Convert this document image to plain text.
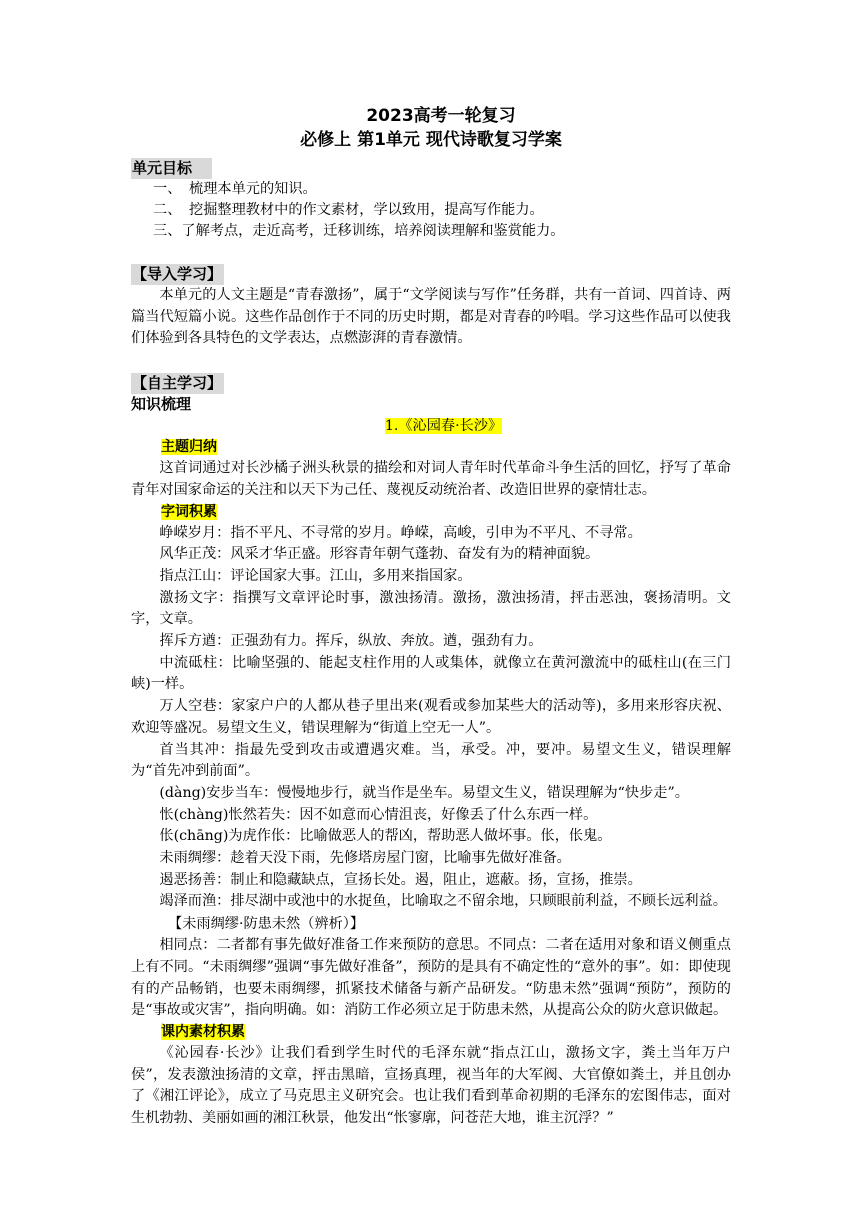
2023高考一轮复习
必修上 第1单元 现代诗歌复习学案
单元目标
一、 梳理本单元的知识。
二、 挖掘整理教材中的作文素材，学以致用，提高写作能力。
三、了解考点，走近高考，迁移训练，培养阅读理解和鉴赏能力。
【导入学习】
本单元的人文主题是“青春激扬”，属于“文学阅读与写作”任务群，共有一首词、四首诗、两篇当代短篇小说。这些作品创作于不同的历史时期，都是对青春的吟唱。学习这些作品可以使我们体验到各具特色的文学表达，点燃澎湃的青春激情。
【自主学习】
知识梳理
1.《沁园春·长沙》
主题归纳
这首词通过对长沙橘子洲头秋景的描绘和对词人青年时代革命斗争生活的回忆，抒写了革命青年对国家命运的关注和以天下为己任、蔑视反动统治者、改造旧世界的豪情壮志。
字词积累
峥嵘岁月：指不平凡、不寻常的岁月。峥嵘，高峻，引申为不平凡、不寻常。
风华正茂：风采才华正盛。形容青年朝气蓬勃、奋发有为的精神面貌。
指点江山：评论国家大事。江山，多用来指国家。
激扬文字：指撰写文章评论时事，激浊扬清。激扬，激浊扬清，抨击恶浊，褒扬清明。文字，文章。
挥斥方遒：正强劲有力。挥斥，纵放、奔放。遒，强劲有力。
中流砥柱：比喻坚强的、能起支柱作用的人或集体，就像立在黄河激流中的砥柱山(在三门峡)一样。
万人空巷：家家户户的人都从巷子里出来(观看或参加某些大的活动等)，多用来形容庆祝、欢迎等盛况。易望文生义，错误理解为“街道上空无一人”。
首当其冲：指最先受到攻击或遭遇灾难。当，承受。冲，要冲。易望文生义，错误理解为“首先冲到前面”。
(dàng)安步当车：慢慢地步行，就当作是坐车。易望文生义，错误理解为“快步走”。
怅(chàng)怅然若失：因不如意而心情沮丧，好像丢了什么东西一样。
伥(chāng)为虎作伥：比喻做恶人的帮凶，帮助恶人做坏事。伥，伥鬼。
未雨绸缪：趁着天没下雨，先修塔房屋门窗，比喻事先做好准备。
遏恶扬善：制止和隐藏缺点，宣扬长处。遏，阻止，遮蔽。扬，宣扬，推崇。
竭泽而渔：排尽湖中或池中的水捉鱼，比喻取之不留余地，只顾眼前利益，不顾长远利益。
【未雨绸缪·防患未然（辨析）】
相同点：二者都有事先做好准备工作来预防的意思。不同点：二者在适用对象和语义侧重点上有不同。“未雨绸缪”强调“事先做好准备”，预防的是具有不确定性的“意外的事”。如：即使现有的产品畅销，也要未雨绸缪，抓紧技术储备与新产品研发。“防患未然”强调“预防”，预防的是“事故或灾害”，指向明确。如：消防工作必须立足于防患未然，从提高公众的防火意识做起。
课内素材积累
《沁园春·长沙》让我们看到学生时代的毛泽东就“指点江山，激扬文字，粪土当年万户侯”，发表激浊扬清的文章，抨击黑暗，宣扬真理，视当年的大军阀、大官僚如粪土，并且创办了《湘江评论》，成立了马克思主义研究会。也让我们看到革命初期的毛泽东的宏图伟志，面对生机勃勃、美丽如画的湘江秋景，他发出“怅寥廓，问苍茫大地，谁主沉浮？”
